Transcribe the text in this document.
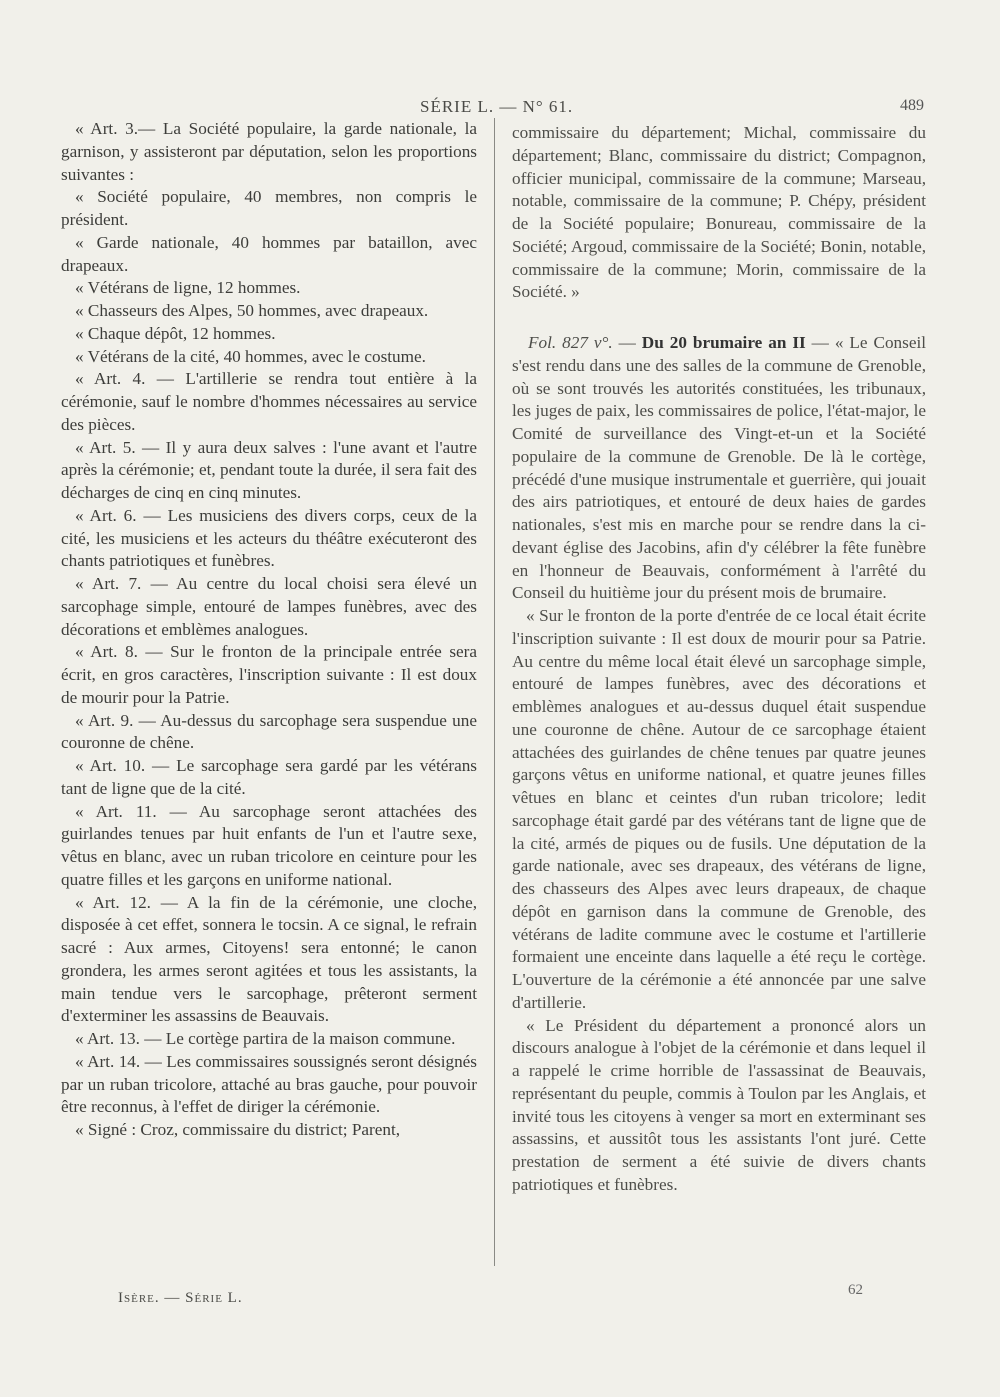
SÉRIE L. — N° 61.	489

« Art. 3.— La Société populaire, la garde nationale, la garnison, y assisteront par députation, selon les proportions suivantes :

« Société populaire, 40 membres, non compris le président.

« Garde nationale, 40 hommes par bataillon, avec drapeaux.

« Vétérans de ligne, 12 hommes.

« Chasseurs des Alpes, 50 hommes, avec drapeaux.

« Chaque dépôt, 12 hommes.

« Vétérans de la cité, 40 hommes, avec le costume.

« Art. 4. — L'artillerie se rendra tout entière à la cérémonie, sauf le nombre d'hommes nécessaires au service des pièces.

« Art. 5. — Il y aura deux salves : l'une avant et l'autre après la cérémonie; et, pendant toute la durée, il sera fait des décharges de cinq en cinq minutes.

« Art. 6. — Les musiciens des divers corps, ceux de la cité, les musiciens et les acteurs du théâtre exécuteront des chants patriotiques et funèbres.

« Art. 7. — Au centre du local choisi sera élevé un sarcophage simple, entouré de lampes funèbres, avec des décorations et emblèmes analogues.

« Art. 8. — Sur le fronton de la principale entrée sera écrit, en gros caractères, l'inscription suivante : Il est doux de mourir pour la Patrie.

« Art. 9. — Au-dessus du sarcophage sera suspendue une couronne de chêne.

« Art. 10. — Le sarcophage sera gardé par les vétérans tant de ligne que de la cité.

« Art. 11. — Au sarcophage seront attachées des guirlandes tenues par huit enfants de l'un et l'autre sexe, vêtus en blanc, avec un ruban tricolore en ceinture pour les quatre filles et les garçons en uniforme national.

« Art. 12. — A la fin de la cérémonie, une cloche, disposée à cet effet, sonnera le tocsin. A ce signal, le refrain sacré : Aux armes, Citoyens! sera entonné; le canon grondera, les armes seront agitées et tous les assistants, la main tendue vers le sarcophage, prêteront serment d'exterminer les assassins de Beauvais.

« Art. 13. — Le cortège partira de la maison commune.

« Art. 14. — Les commissaires soussignés seront désignés par un ruban tricolore, attaché au bras gauche, pour pouvoir être reconnus, à l'effet de diriger la cérémonie.

« Signé : Croz, commissaire du district; Parent,

commissaire du département; Michal, commissaire du département; Blanc, commissaire du district; Compagnon, officier municipal, commissaire de la commune; Marseau, notable, commissaire de la commune; P. Chépy, président de la Société populaire; Bonureau, commissaire de la Société; Argoud, commissaire de la Société; Bonin, notable, commissaire de la commune; Morin, commissaire de la Société. »

Fol. 827 v°. — Du 20 brumaire an II — « Le Conseil s'est rendu dans une des salles de la commune de Grenoble, où se sont trouvés les autorités constituées, les tribunaux, les juges de paix, les commissaires de police, l'état-major, le Comité de surveillance des Vingt-et-un et la Société populaire de la commune de Grenoble. De là le cortège, précédé d'une musique instrumentale et guerrière, qui jouait des airs patriotiques, et entouré de deux haies de gardes nationales, s'est mis en marche pour se rendre dans la ci-devant église des Jacobins, afin d'y célébrer la fête funèbre en l'honneur de Beauvais, conformément à l'arrêté du Conseil du huitième jour du présent mois de brumaire.

« Sur le fronton de la porte d'entrée de ce local était écrite l'inscription suivante : Il est doux de mourir pour sa Patrie. Au centre du même local était élevé un sarcophage simple, entouré de lampes funèbres, avec des décorations et emblèmes analogues et au-dessus duquel était suspendue une couronne de chêne. Autour de ce sarcophage étaient attachées des guirlandes de chêne tenues par quatre jeunes garçons vêtus en uniforme national, et quatre jeunes filles vêtues en blanc et ceintes d'un ruban tricolore; ledit sarcophage était gardé par des vétérans tant de ligne que de la cité, armés de piques ou de fusils. Une députation de la garde nationale, avec ses drapeaux, des vétérans de ligne, des chasseurs des Alpes avec leurs drapeaux, de chaque dépôt en garnison dans la commune de Grenoble, des vétérans de ladite commune avec le costume et l'artillerie formaient une enceinte dans laquelle a été reçu le cortège. L'ouverture de la cérémonie a été annoncée par une salve d'artillerie.

« Le Président du département a prononcé alors un discours analogue à l'objet de la cérémonie et dans lequel il a rappelé le crime horrible de l'assassinat de Beauvais, représentant du peuple, commis à Toulon par les Anglais, et invité tous les citoyens à venger sa mort en exterminant ses assassins, et aussitôt tous les assistants l'ont juré. Cette prestation de serment a été suivie de divers chants patriotiques et funèbres.

Isère. — Série L.	62
